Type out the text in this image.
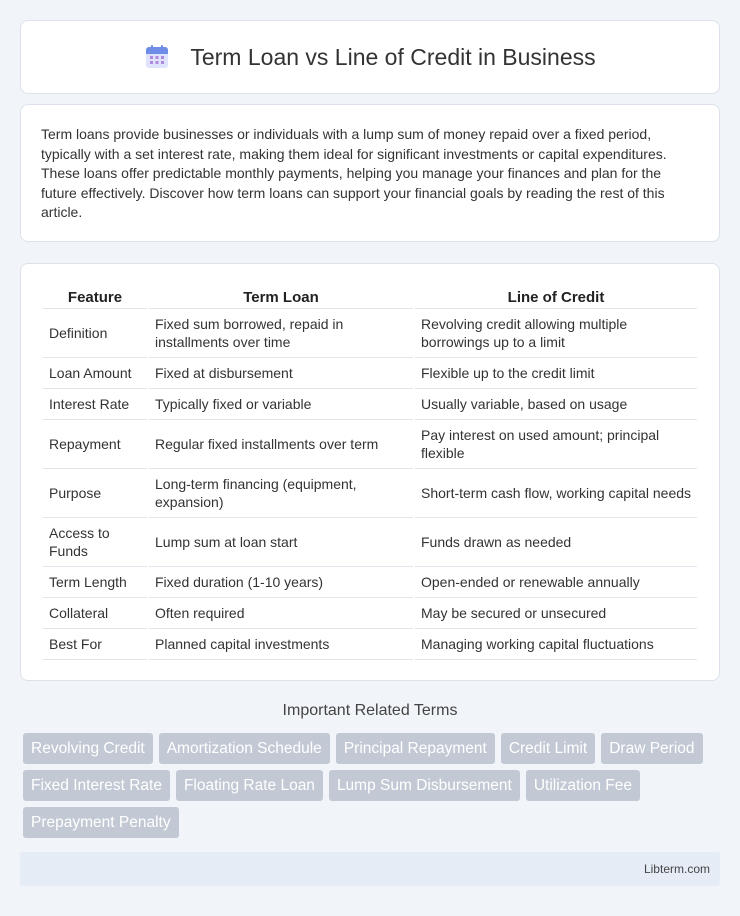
Term Loan vs Line of Credit in Business

Term loans provide businesses or individuals with a lump sum of money repaid over a fixed period, typically with a set interest rate, making them ideal for significant investments or capital expenditures. These loans offer predictable monthly payments, helping you manage your finances and plan for the future effectively. Discover how term loans can support your financial goals by reading the rest of this article.

Feature	Term Loan	Line of Credit
Definition	Fixed sum borrowed, repaid in installments over time	Revolving credit allowing multiple borrowings up to a limit
Loan Amount	Fixed at disbursement	Flexible up to the credit limit
Interest Rate	Typically fixed or variable	Usually variable, based on usage
Repayment	Regular fixed installments over term	Pay interest on used amount; principal flexible
Purpose	Long-term financing (equipment, expansion)	Short-term cash flow, working capital needs
Access to Funds	Lump sum at loan start	Funds drawn as needed
Term Length	Fixed duration (1-10 years)	Open-ended or renewable annually
Collateral	Often required	May be secured or unsecured
Best For	Planned capital investments	Managing working capital fluctuations
Important Related Terms
Revolving Credit	Amortization Schedule	Principal Repayment	Credit Limit	Draw Period
Fixed Interest Rate	Floating Rate Loan	Lump Sum Disbursement	Utilization Fee
Prepayment Penalty
Libterm.com
